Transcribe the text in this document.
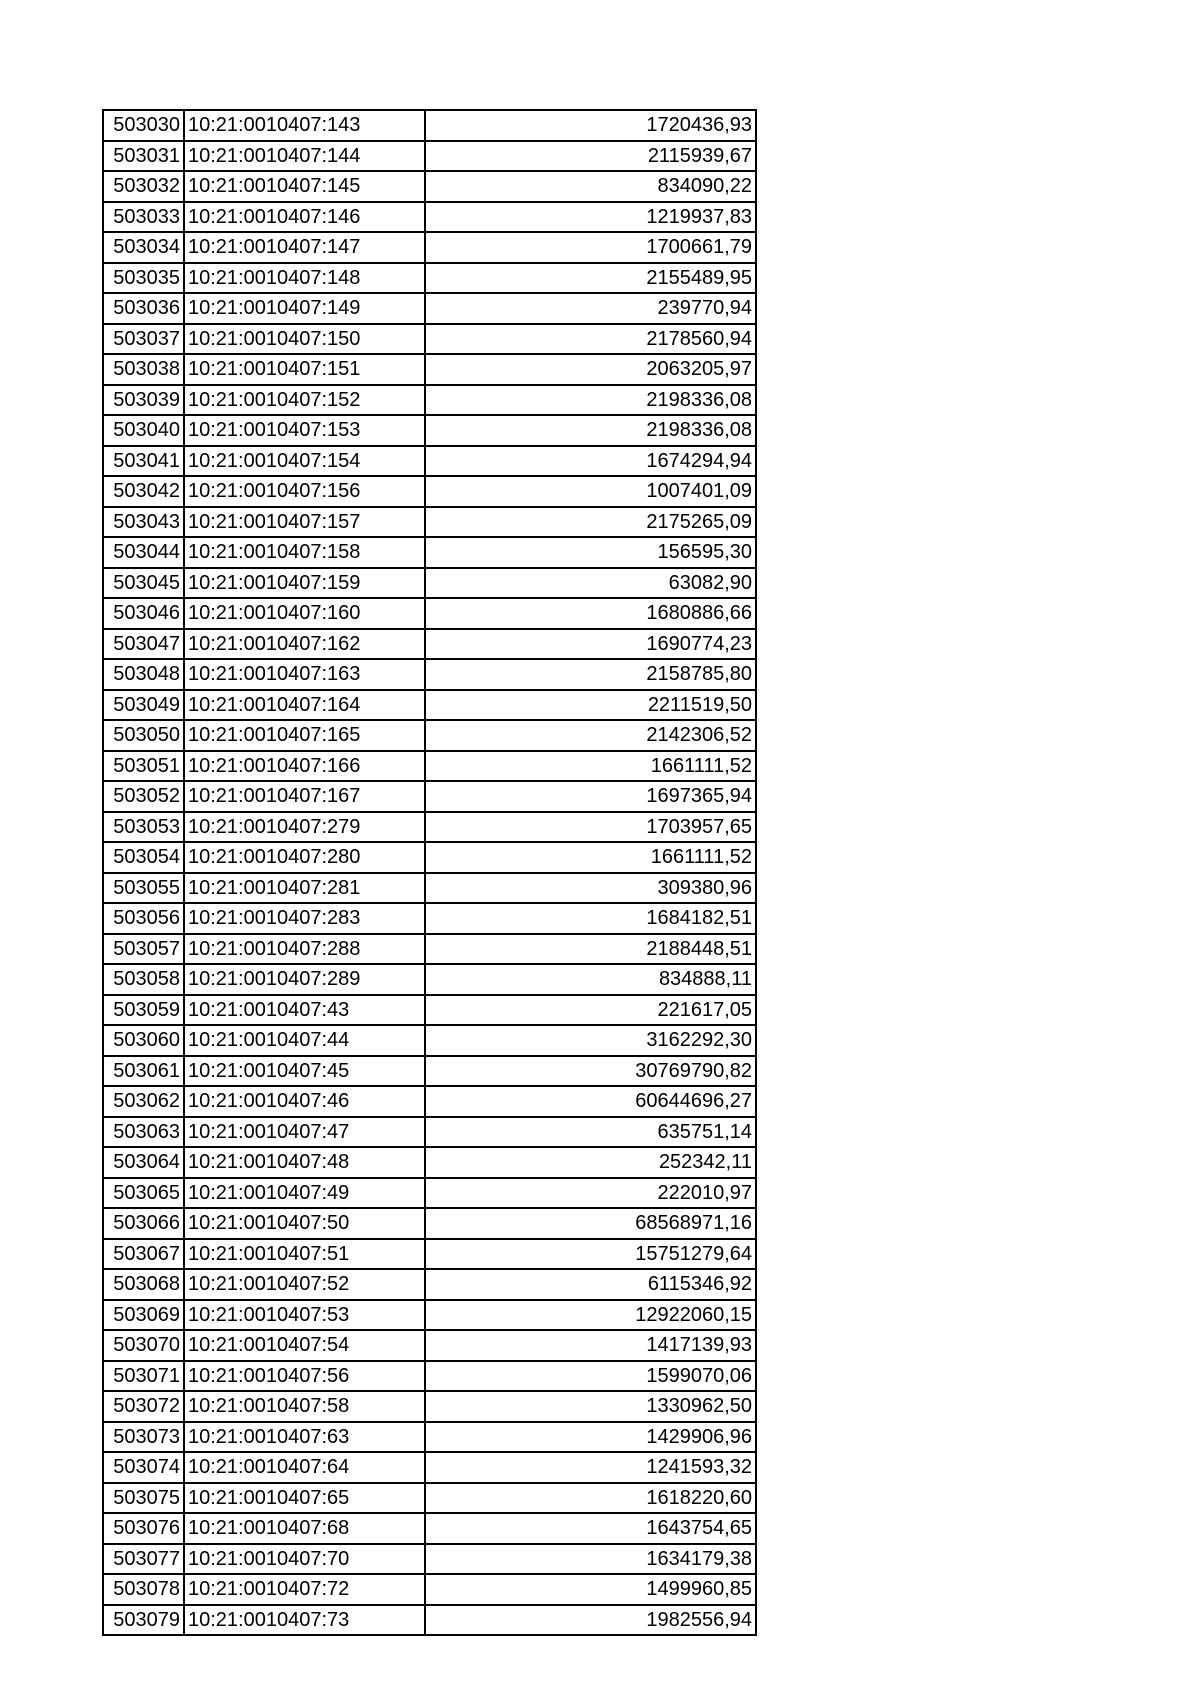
503030	10:21:0010407:143	1720436,93
503031	10:21:0010407:144	2115939,67
503032	10:21:0010407:145	834090,22
503033	10:21:0010407:146	1219937,83
503034	10:21:0010407:147	1700661,79
503035	10:21:0010407:148	2155489,95
503036	10:21:0010407:149	239770,94
503037	10:21:0010407:150	2178560,94
503038	10:21:0010407:151	2063205,97
503039	10:21:0010407:152	2198336,08
503040	10:21:0010407:153	2198336,08
503041	10:21:0010407:154	1674294,94
503042	10:21:0010407:156	1007401,09
503043	10:21:0010407:157	2175265,09
503044	10:21:0010407:158	156595,30
503045	10:21:0010407:159	63082,90
503046	10:21:0010407:160	1680886,66
503047	10:21:0010407:162	1690774,23
503048	10:21:0010407:163	2158785,80
503049	10:21:0010407:164	2211519,50
503050	10:21:0010407:165	2142306,52
503051	10:21:0010407:166	1661111,52
503052	10:21:0010407:167	1697365,94
503053	10:21:0010407:279	1703957,65
503054	10:21:0010407:280	1661111,52
503055	10:21:0010407:281	309380,96
503056	10:21:0010407:283	1684182,51
503057	10:21:0010407:288	2188448,51
503058	10:21:0010407:289	834888,11
503059	10:21:0010407:43	221617,05
503060	10:21:0010407:44	3162292,30
503061	10:21:0010407:45	30769790,82
503062	10:21:0010407:46	60644696,27
503063	10:21:0010407:47	635751,14
503064	10:21:0010407:48	252342,11
503065	10:21:0010407:49	222010,97
503066	10:21:0010407:50	68568971,16
503067	10:21:0010407:51	15751279,64
503068	10:21:0010407:52	6115346,92
503069	10:21:0010407:53	12922060,15
503070	10:21:0010407:54	1417139,93
503071	10:21:0010407:56	1599070,06
503072	10:21:0010407:58	1330962,50
503073	10:21:0010407:63	1429906,96
503074	10:21:0010407:64	1241593,32
503075	10:21:0010407:65	1618220,60
503076	10:21:0010407:68	1643754,65
503077	10:21:0010407:70	1634179,38
503078	10:21:0010407:72	1499960,85
503079	10:21:0010407:73	1982556,94
